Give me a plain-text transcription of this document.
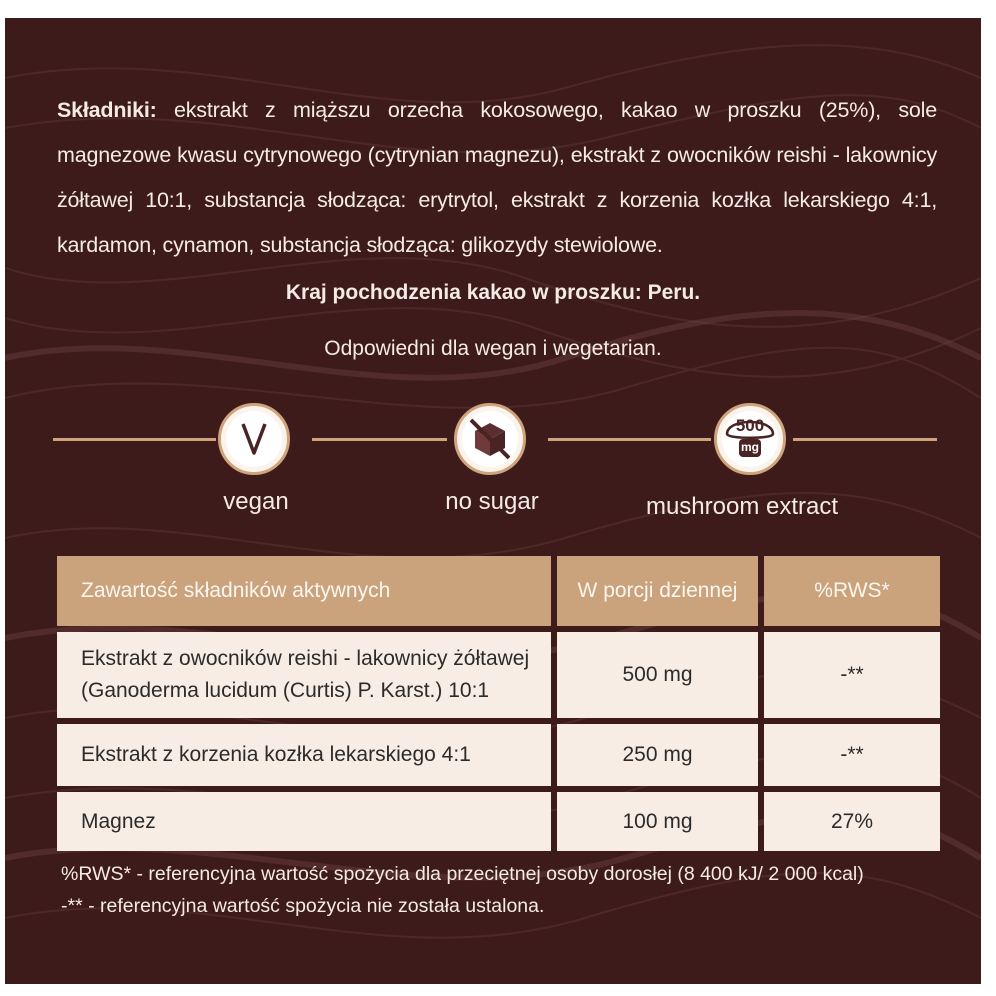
Składniki: ekstrakt z miąższu orzecha kokosowego, kakao w proszku (25%), sole magnezowe kwasu cytrynowego (cytrynian magnezu), ekstrakt z owocników reishi - lakownicy żółtawej 10:1, substancja słodząca: erytrytol, ekstrakt z korzenia kozłka lekarskiego 4:1, kardamon, cynamon, substancja słodząca: glikozydy stewiolowe.
Kraj pochodzenia kakao w proszku: Peru.
Odpowiedni dla wegan i wegetarian.
vegan	no sugar
500
mg
mushroom extract
Zawartość składników aktywnych		W porcji dziennej		%RWS*

Ekstrakt z owocników reishi - lakownicy żółtawej
(Ganoderma lucidum (Curtis) P. Karst.) 10:1		500 mg		-**
Ekstrakt z korzenia kozłka lekarskiego 4:1		250 mg		-**
Magnez		100 mg		27%
%RWS* - referencyjna wartość spożycia dla przeciętnej osoby dorosłej (8 400 kJ/ 2 000 kcal)
-** - referencyjna wartość spożycia nie została ustalona.
